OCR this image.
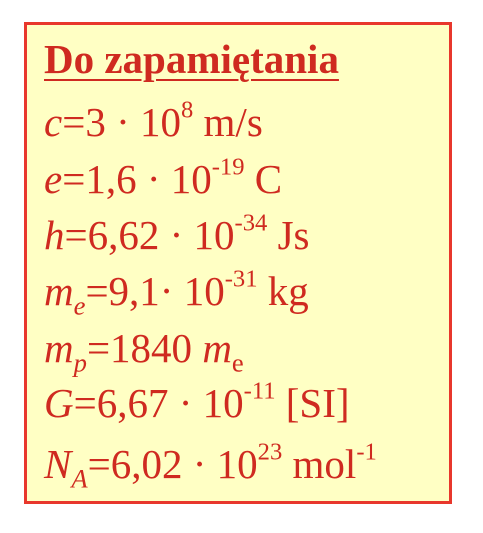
Do zapamiętania
$c=3 \cdot 10^8$ m/s
$e=1,6 \cdot 10^{-19}$ C
$h=6,62 \cdot 10^{-34}$ Js
$m_e=9,1\cdot 10^{-31}$ kg
$m_p=1840$ $m_e$
$G=6,67 \cdot 10^{-11}$ [SI]
$N_A=6,02 \cdot 10^{23}$ mol$^{-1}$
